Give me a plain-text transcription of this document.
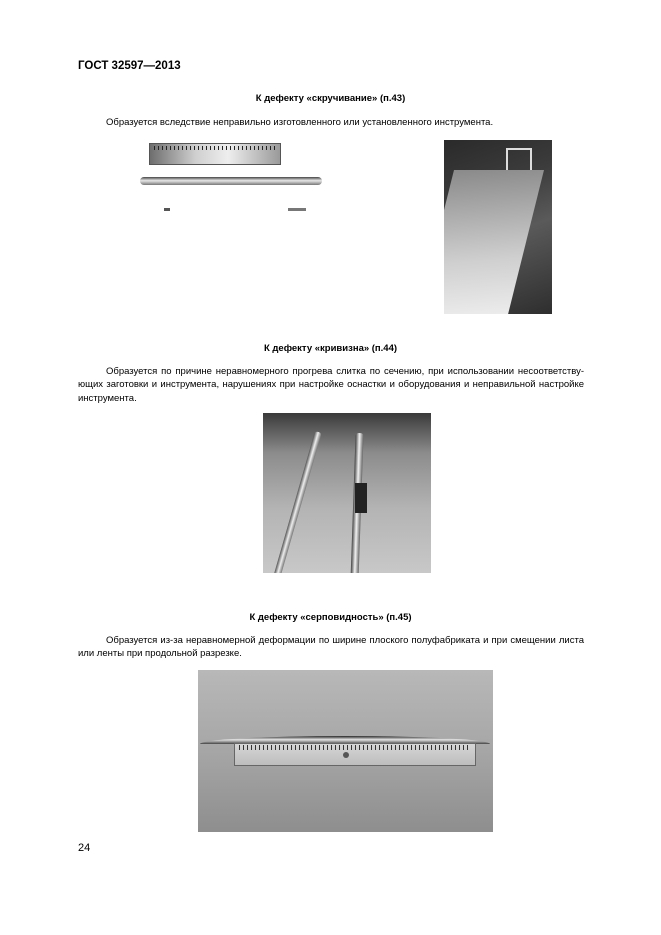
ГОСТ 32597—2013
К дефекту «скручивание» (п.43)
Образуется вследствие неправильно изготовленного или установленного инструмента.
К дефекту «кривизна» (п.44)
Образуется по причине неравномерного прогрева слитка по сечению, при использовании несоответствующих заготовки и инструмента, нарушениях при настройке оснастки и оборудования и неправильной настройке инструмента.
К дефекту «серповидность» (п.45)
Образуется из-за неравномерной деформации по ширине плоского полуфабриката и при смещении листа или ленты при продольной разрезке.
24
